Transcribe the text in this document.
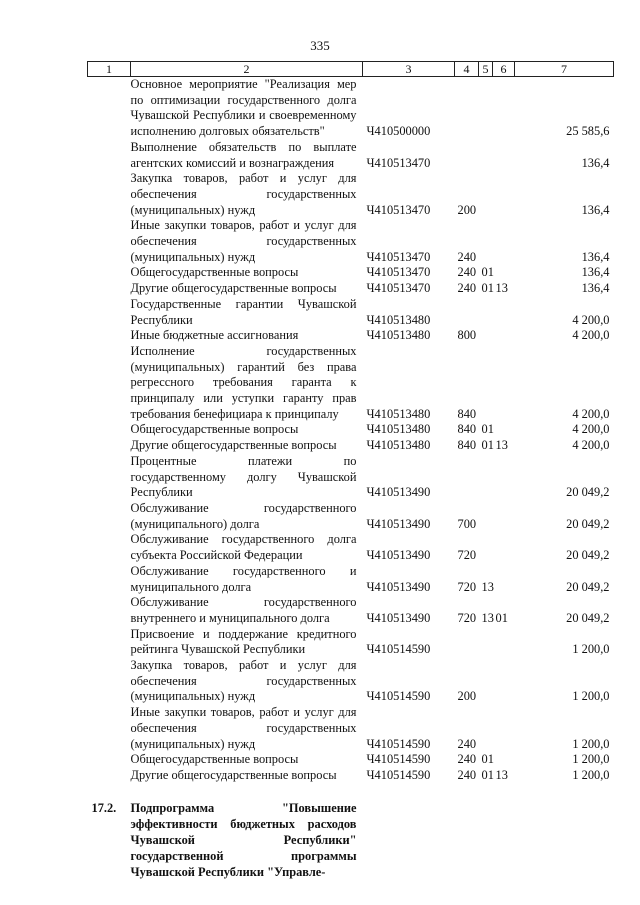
335
1	2	3	4	5	6	7
	Основное мероприятие "Реализация мер по оптимизации государственного долга Чувашской Республики и своевременному исполнению долговых обязательств"	Ч410500000				25 585,6
	Выполнение обязательств по выплате агентских комиссий и вознаграждения	Ч410513470				136,4
	Закупка товаров, работ и услуг для обеспечения государственных (муниципальных) нужд	Ч410513470	200			136,4
	Иные закупки товаров, работ и услуг для обеспечения государственных (муниципальных) нужд	Ч410513470	240			136,4
	Общегосударственные вопросы	Ч410513470	240	01		136,4
	Другие общегосударственные вопросы	Ч410513470	240	01	13	136,4
	Государственные гарантии Чувашской Республики	Ч410513480				4 200,0
	Иные бюджетные ассигнования	Ч410513480	800			4 200,0
	Исполнение государственных (муниципальных) гарантий без права регрессного требования гаранта к принципалу или уступки гаранту прав требования бенефициара к принципалу	Ч410513480	840			4 200,0
	Общегосударственные вопросы	Ч410513480	840	01		4 200,0
	Другие общегосударственные вопросы	Ч410513480	840	01	13	4 200,0
	Процентные платежи по государственному долгу Чувашской Республики	Ч410513490				20 049,2
	Обслуживание государственного (муниципального) долга	Ч410513490	700			20 049,2
	Обслуживание государственного долга субъекта Российской Федерации	Ч410513490	720			20 049,2
	Обслуживание государственного и муниципального долга	Ч410513490	720	13		20 049,2
	Обслуживание государственного внутреннего и муниципального долга	Ч410513490	720	13	01	20 049,2
	Присвоение и поддержание кредитного рейтинга Чувашской Республики	Ч410514590				1 200,0
	Закупка товаров, работ и услуг для обеспечения государственных (муниципальных) нужд	Ч410514590	200			1 200,0
	Иные закупки товаров, работ и услуг для обеспечения государственных (муниципальных) нужд	Ч410514590	240			1 200,0
	Общегосударственные вопросы	Ч410514590	240	01		1 200,0
	Другие общегосударственные вопросы	Ч410514590	240	01	13	1 200,0
17.2.	Подпрограмма "Повышение эффективности бюджетных расходов Чувашской Республики" государственной программы Чувашской Республики "Управле-					
